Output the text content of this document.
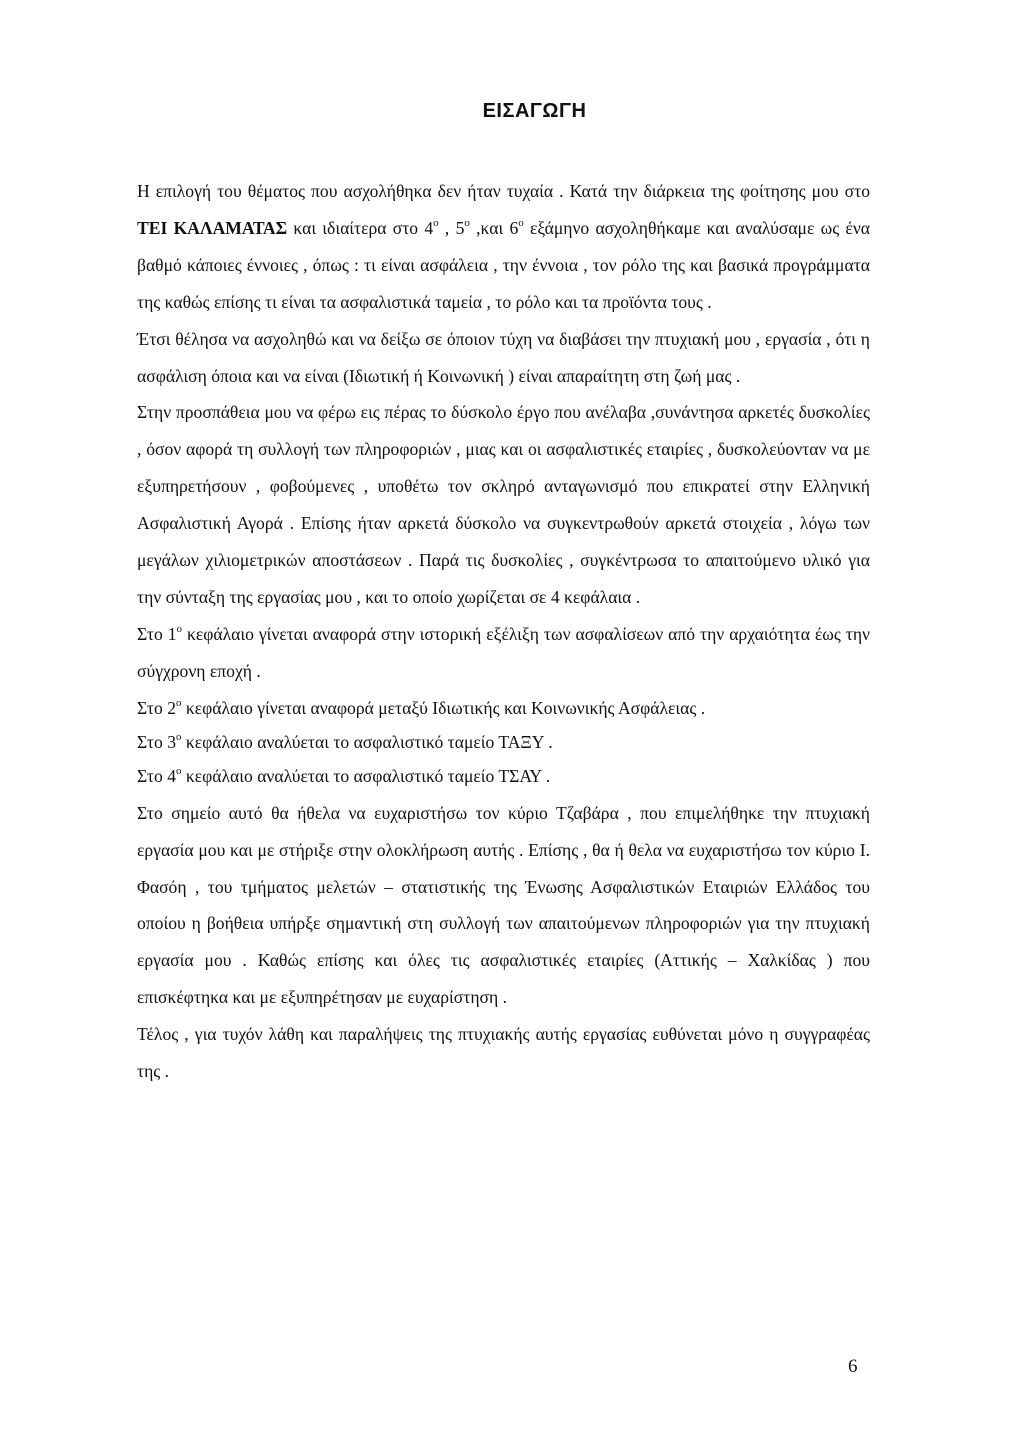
ΕΙΣΑΓΩΓΗ

Η επιλογή του θέματος που ασχολήθηκα δεν ήταν τυχαία . Κατά την διάρκεια της φοίτησης μου στο ΤΕΙ ΚΑΛΑΜΑΤΑΣ και ιδιαίτερα στο $4^o$ , $5^o$ ,και $6^o$ εξάμηνο ασχοληθήκαμε και αναλύσαμε ως ένα βαθμό κάποιες έννοιες , όπως : τι είναι ασφάλεια , την έννοια , τον ρόλο της και βασικά προγράμματα της καθώς επίσης τι είναι τα ασφαλιστικά ταμεία , το ρόλο και τα προϊόντα τους .

Έτσι θέλησα να ασχοληθώ και να δείξω σε όποιον τύχη να διαβάσει την πτυχιακή μου , εργασία , ότι η ασφάλιση όποια και να είναι (Ιδιωτική ή Κοινωνική ) είναι απαραίτητη στη ζωή μας .

Στην προσπάθεια μου να φέρω εις πέρας το δύσκολο έργο που ανέλαβα ,συνάντησα αρκετές δυσκολίες , όσον αφορά τη συλλογή των πληροφοριών , μιας και οι ασφαλιστικές εταιρίες , δυσκολεύονταν να με εξυπηρετήσουν , φοβούμενες , υποθέτω τον σκληρό ανταγωνισμό που επικρατεί στην Ελληνική Ασφαλιστική Αγορά . Επίσης ήταν αρκετά δύσκολο να συγκεντρωθούν αρκετά στοιχεία , λόγω των μεγάλων χιλιομετρικών αποστάσεων . Παρά τις δυσκολίες , συγκέντρωσα το απαιτούμενο υλικό για την σύνταξη της εργασίας μου , και το οποίο χωρίζεται σε 4 κεφάλαια .

Στο $1^o$ κεφάλαιο γίνεται αναφορά στην ιστορική εξέλιξη των ασφαλίσεων από την αρχαιότητα έως την σύγχρονη εποχή .

Στο $2^o$ κεφάλαιο γίνεται αναφορά μεταξύ Ιδιωτικής και Κοινωνικής Ασφάλειας .

Στο $3^o$ κεφάλαιο αναλύεται το ασφαλιστικό ταμείο ΤΑΞΥ .

Στο $4^o$ κεφάλαιο αναλύεται το ασφαλιστικό ταμείο ΤΣΑΥ .

Στο σημείο αυτό θα ήθελα να ευχαριστήσω τον κύριο Τζαβάρα , που επιμελήθηκε την πτυχιακή εργασία μου και με στήριξε στην ολοκλήρωση αυτής . Επίσης , θα ή θελα να ευχαριστήσω τον κύριο Ι. Φασόη , του τμήματος μελετών – στατιστικής της Ένωσης Ασφαλιστικών Εταιριών Ελλάδος του οποίου η βοήθεια υπήρξε σημαντική στη συλλογή των απαιτούμενων πληροφοριών για την πτυχιακή εργασία μου . Καθώς επίσης και όλες τις ασφαλιστικές εταιρίες (Αττικής – Χαλκίδας ) που επισκέφτηκα και με εξυπηρέτησαν με ευχαρίστηση .

Τέλος , για τυχόν λάθη και παραλήψεις της πτυχιακής αυτής εργασίας ευθύνεται μόνο η συγγραφέας της .

6
